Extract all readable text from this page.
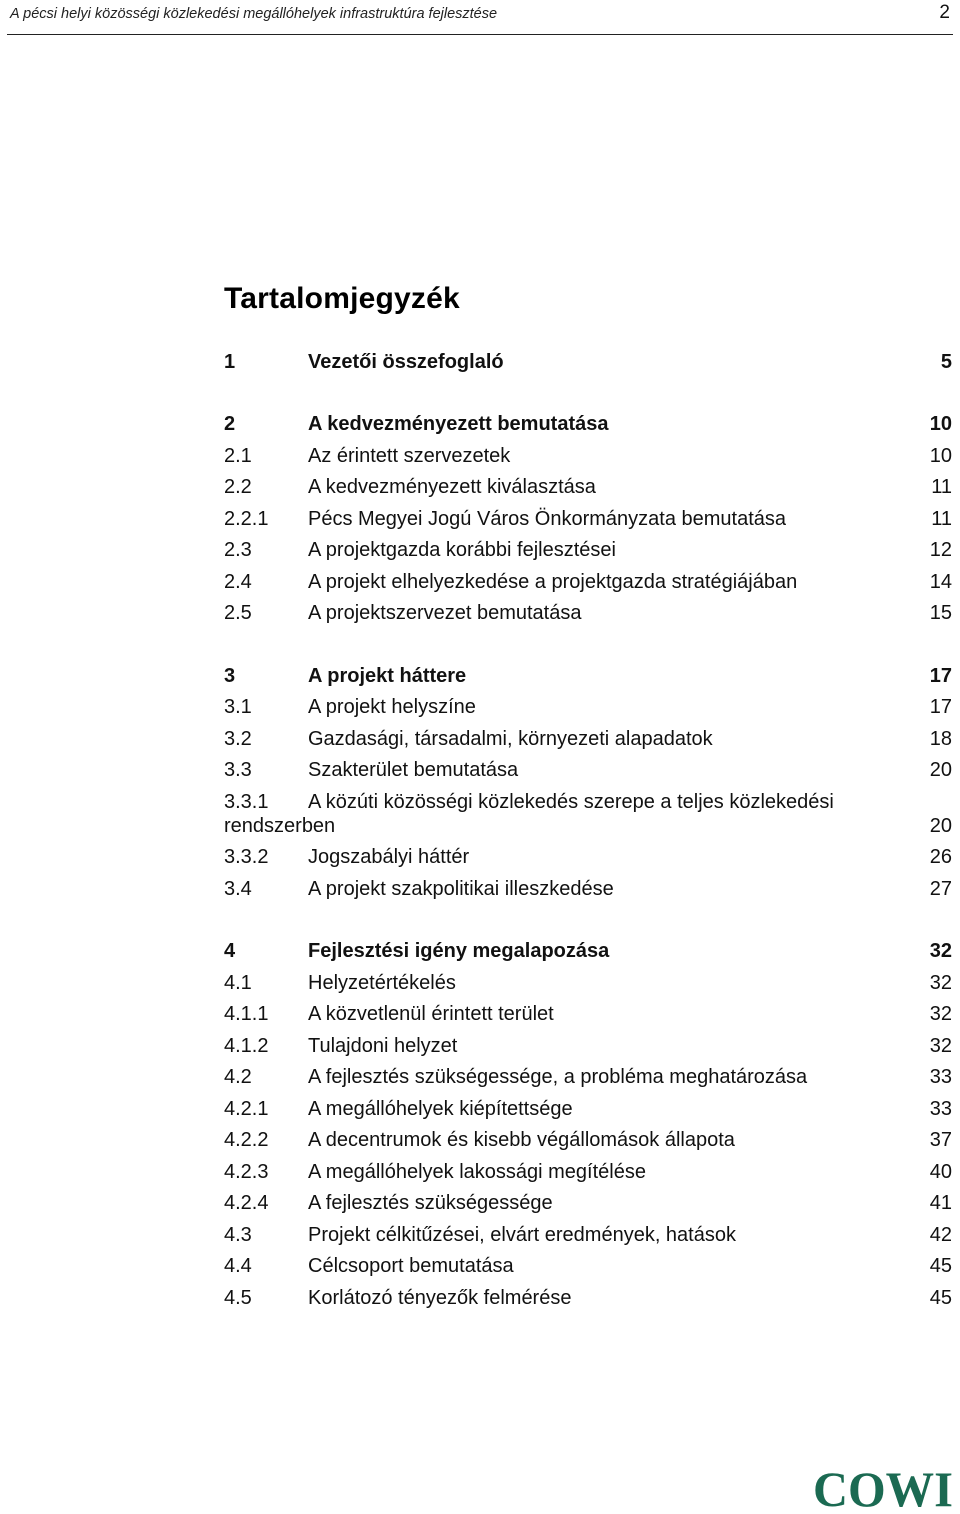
A pécsi helyi közösségi közlekedési megállóhelyek infrastruktúra fejlesztése	2
Tartalomjegyzék
1	Vezetői összefoglaló	5
2	A kedvezményezett bemutatása	10
2.1	Az érintett szervezetek	10
2.2	A kedvezményezett kiválasztása	11
2.2.1 Pécs Megyei Jogú Város Önkormányzata bemutatása	11
2.3	A projektgazda korábbi fejlesztései	12
2.4	A projekt elhelyezkedése a projektgazda stratégiájában	14
2.5	A projektszervezet bemutatása	15
3	A projekt háttere	17
3.1	A projekt helyszíne	17
3.2	Gazdasági, társadalmi, környezeti alapadatok	18
3.3	Szakterület bemutatása	20
3.3.1 A közúti közösségi közlekedés szerepe a teljes közlekedési rendszerben	20
3.3.2 Jogszabályi háttér	26
3.4	A projekt szakpolitikai illeszkedése	27
4	Fejlesztési igény megalapozása	32
4.1	Helyzetértékelés	32
4.1.1 A közvetlenül érintett terület	32
4.1.2 Tulajdoni helyzet	32
4.2	A fejlesztés szükségessége, a probléma meghatározása	33
4.2.1 A megállóhelyek kiépítettsége	33
4.2.2 A decentrumok és kisebb végállomások állapota	37
4.2.3 A megállóhelyek lakossági megítélése	40
4.2.4 A fejlesztés szükségessége	41
4.3	Projekt célkitűzései, elvárt eredmények, hatások	42
4.4	Célcsoport bemutatása	45
4.5	Korlátozó tényezők felmérése	45
COWI
